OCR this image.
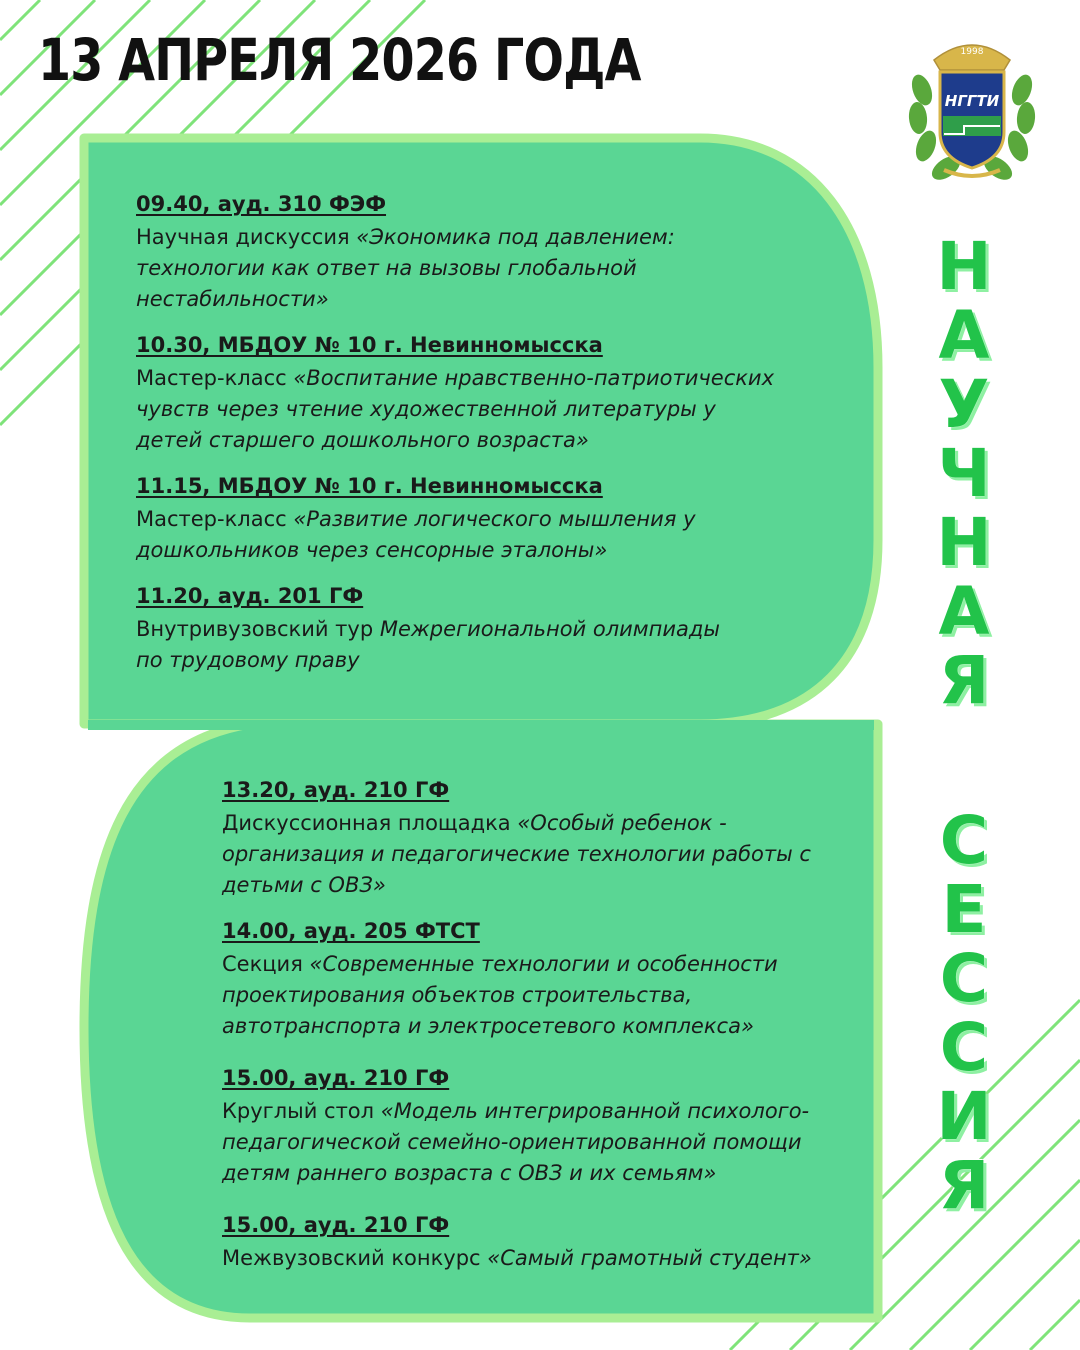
13 АПРЕЛЯ 2026 ГОДА	1998
НГГТИ
Н
А
У
Ч
Н
А
Я
С
Е
С
С
И
Я
09.40, ауд. 310 ФЭФ
Научная дискуссия «Экономика под давлением:
технологии как ответ на вызовы глобальной
нестабильности»
10.30, МБДОУ № 10 г. Невинномысска
Мастер-класс «Воспитание нравственно-патриотических
чувств через чтение художественной литературы у
детей старшего дошкольного возраста»
11.15, МБДОУ № 10 г. Невинномысска
Мастер-класс «Развитие логического мышления у
дошкольников через сенсорные эталоны»
11.20, ауд. 201 ГФ
Внутривузовский тур Межрегиональной олимпиады
по трудовому праву
13.20, ауд. 210 ГФ
Дискуссионная площадка «Особый ребенок -
организация и педагогические технологии работы с
детьми с ОВЗ»
14.00, ауд. 205 ФТСТ
Секция «Современные технологии и особенности
проектирования объектов строительства,
автотранспорта и электросетевого комплекса»
15.00, ауд. 210 ГФ
Круглый стол «Модель интегрированной психолого-
педагогической семейно-ориентированной помощи
детям раннего возраста с ОВЗ и их семьям»
15.00, ауд. 210 ГФ
Межвузовский конкурс «Самый грамотный студент»
